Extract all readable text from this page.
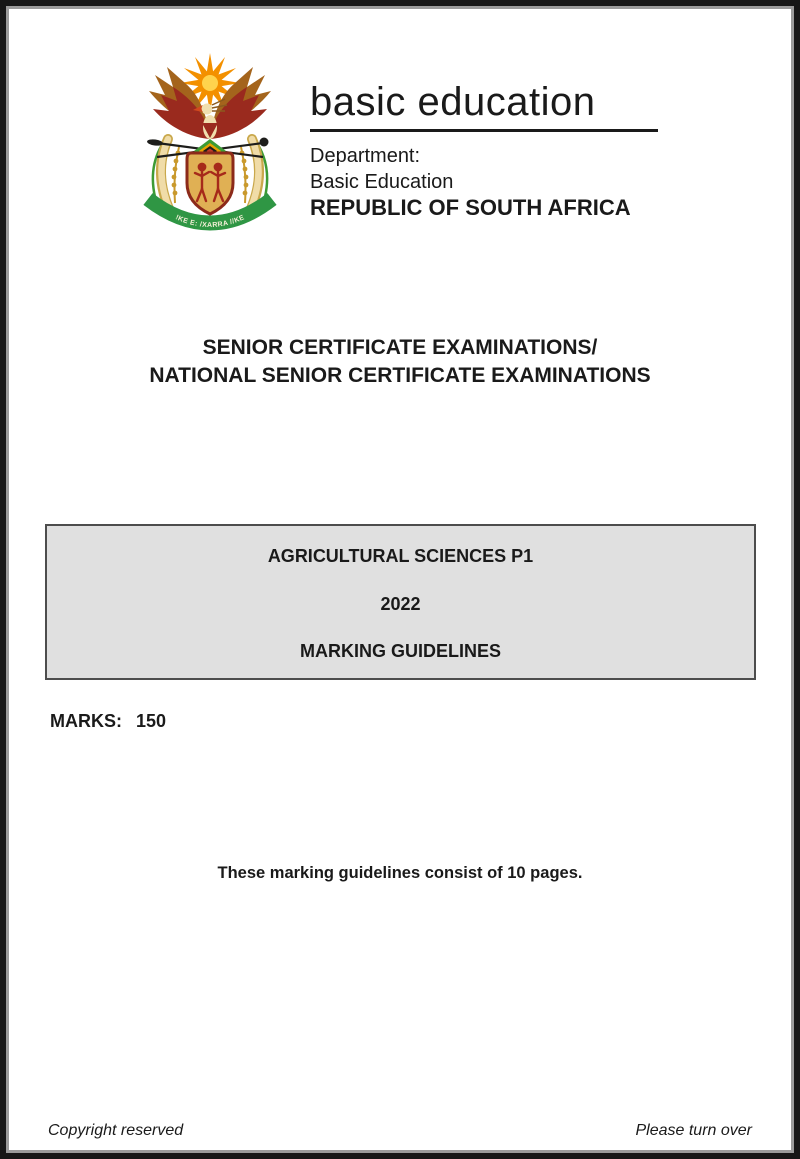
!KE E: /XARRA //KE
basic education
Department:
Basic Education
REPUBLIC OF SOUTH AFRICA
SENIOR CERTIFICATE EXAMINATIONS/
NATIONAL SENIOR CERTIFICATE EXAMINATIONS
AGRICULTURAL SCIENCES P1
2022
MARKING GUIDELINES
MARKS: 150
These marking guidelines consist of 10 pages.
Copyright reserved	Please turn over
